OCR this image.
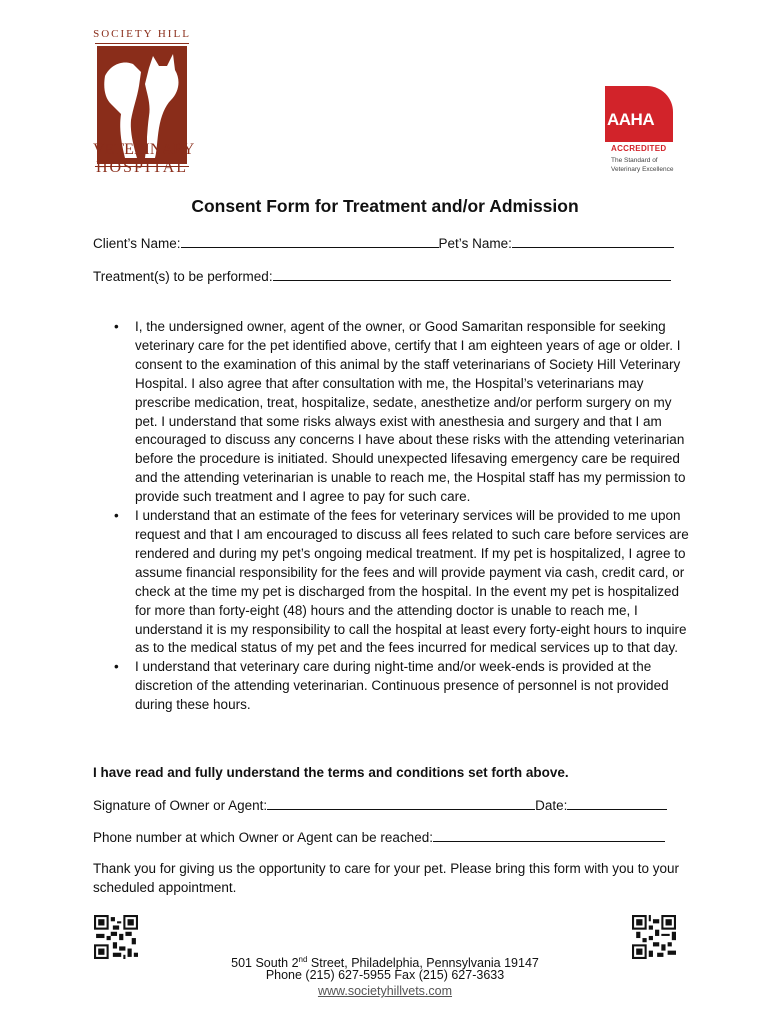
SOCIETY HILL
VETERINARY
HOSPITAL
AAHA
ACCREDITED
The Standard of
Veterinary Excellence
Consent Form for Treatment and/or Admission
Client’s Name:	Pet’s Name:
Treatment(s) to be performed:
• I, the undersigned owner, agent of the owner, or Good Samaritan responsible for seeking veterinary care for the pet identified above, certify that I am eighteen years of age or older. I consent to the examination of this animal by the staff veterinarians of Society Hill Veterinary Hospital. I also agree that after consultation with me, the Hospital’s veterinarians may prescribe medication, treat, hospitalize, sedate, anesthetize and/or perform surgery on my pet. I understand that some risks always exist with anesthesia and surgery and that I am encouraged to discuss any concerns I have about these risks with the attending veterinarian before the procedure is initiated. Should unexpected lifesaving emergency care be required and the attending veterinarian is unable to reach me, the Hospital staff has my permission to provide such treatment and I agree to pay for such care.
• I understand that an estimate of the fees for veterinary services will be provided to me upon request and that I am encouraged to discuss all fees related to such care before services are rendered and during my pet’s ongoing medical treatment. If my pet is hospitalized, I agree to assume financial responsibility for the fees and will provide payment via cash, credit card, or check at the time my pet is discharged from the hospital. In the event my pet is hospitalized for more than forty-eight (48) hours and the attending doctor is unable to reach me, I understand it is my responsibility to call the hospital at least every forty-eight hours to inquire as to the medical status of my pet and the fees incurred for medical services up to that day.
• I understand that veterinary care during night-time and/or week-ends is provided at the discretion of the attending veterinarian. Continuous presence of personnel is not provided during these hours.
I have read and fully understand the terms and conditions set forth above.
Signature of Owner or Agent:	Date:
Phone number at which Owner or Agent can be reached:
Thank you for giving us the opportunity to care for your pet. Please bring this form with you to your scheduled appointment.
501 South 2nd Street, Philadelphia, Pennsylvania 19147
Phone (215) 627-5955 Fax (215) 627-3633
www.societyhillvets.com
